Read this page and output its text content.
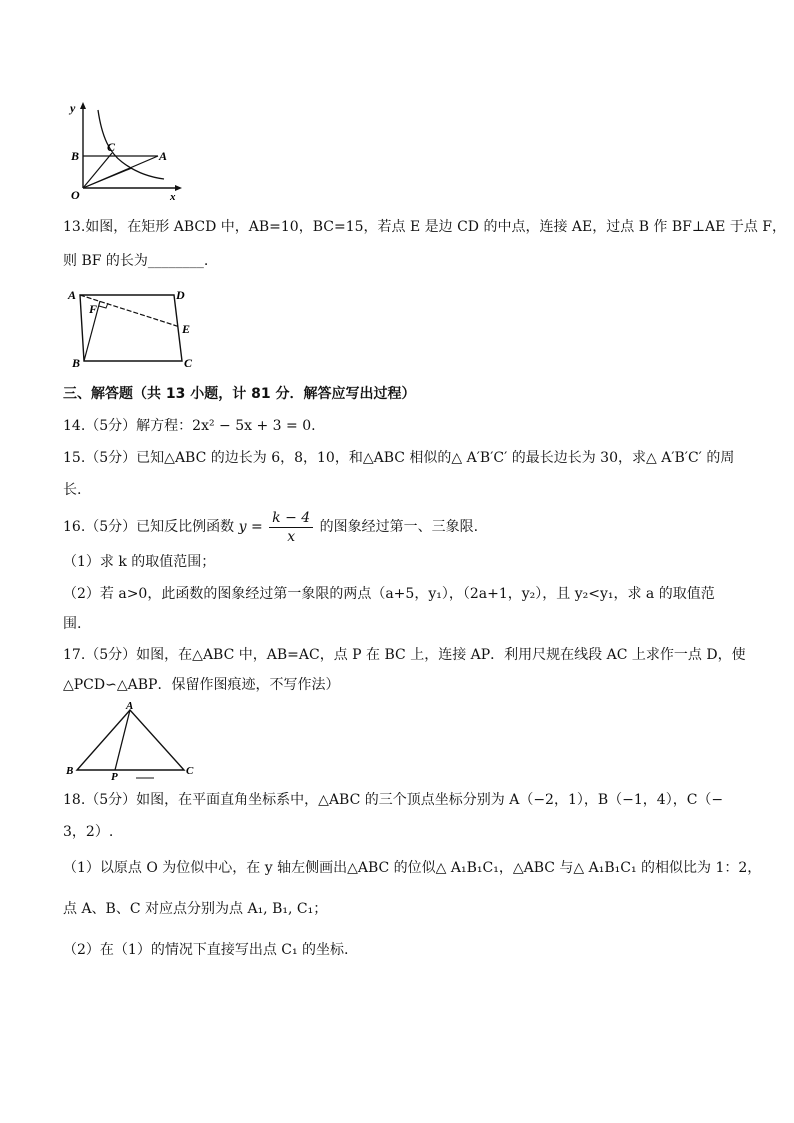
y
x
O
B
C
A
13.如图，在矩形 ABCD 中，AB=10，BC=15，若点 E 是边 CD 的中点，连接 AE，过点 B 作 BF⊥AE 于点 F，
则 BF 的长为________.
A	D
F
E
B	C
三、解答题（共 13 小题，计 81 分．解答应写出过程）
14.（5分）解方程：2x² − 5x + 3 = 0.
15.（5分）已知△ABC 的边长为 6，8，10，和△ABC 相似的△ A′B′C′ 的最长边长为 30，求△ A′B′C′ 的周
长.
16.（5分）已知反比例函数 $y = \frac{k - 4}{x}$ 的图象经过第一、三象限.
（1）求 k 的取值范围；
（2）若 a>0，此函数的图象经过第一象限的两点（a+5，y₁），（2a+1，y₂），且 y₂<y₁，求 a 的取值范
围.
17.（5分）如图，在△ABC 中，AB=AC，点 P 在 BC 上，连接 AP．利用尺规在线段 AC 上求作一点 D，使
△PCD∽△ABP．保留作图痕迹，不写作法）
A
B	P	C
18.（5分）如图，在平面直角坐标系中，△ABC 的三个顶点坐标分别为 A（−2，1），B（−1，4），C（−
3，2）.
（1）以原点 O 为位似中心，在 y 轴左侧画出△ABC 的位似△ A₁B₁C₁，△ABC 与△ A₁B₁C₁ 的相似比为 1：2，
点 A、B、C 对应点分别为点 A₁, B₁, C₁；
（2）在（1）的情况下直接写出点 C₁ 的坐标.
